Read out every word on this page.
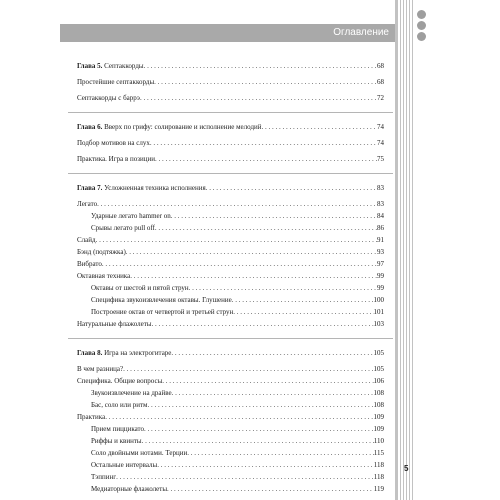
Оглавление
Глава 5. Септаккорды . . .	68
Простейшие септаккорды . . .	68
Септаккорды с баррэ . . .	72
Глава 6. Вверх по грифу: солирование и исполнение мелодий . . .	74
Подбор мотивов на слух . . .	74
Практика. Игра в позиции . . .	75
Глава 7. Усложненная техника исполнения . . .	83
Легато . . .	83
Ударные легато hammer on . . .	84
Срывы легато pull off . . .	86
Слайд . . .	91
Бэнд (подтяжка) . . .	93
Вибрато . . .	97
Октавная техника . . .	99
Октавы от шестой и пятой струн . . .	99
Специфика звукоизвлечения октавы. Глушение . . .	100
Построение октав от четвертой и третьей струн . . .	101
Натуральные флажолеты . . .	103
Глава 8. Игра на электрогитаре . . .	105
В чем разница? . . .	105
Специфика. Общие вопросы . . .	106
Звукоизвлечение на драйве . . .	108
Бас, соло или ритм . . .	108
Практика . . .	109
Прием пиццикато . . .	109
Риффы и квинты . . .	110
Соло двойными нотами. Терции . . .	115
Остальные интервалы . . .	118
Тэппинг . . .	118
Медиаторные флажолеты . . .	119
5
